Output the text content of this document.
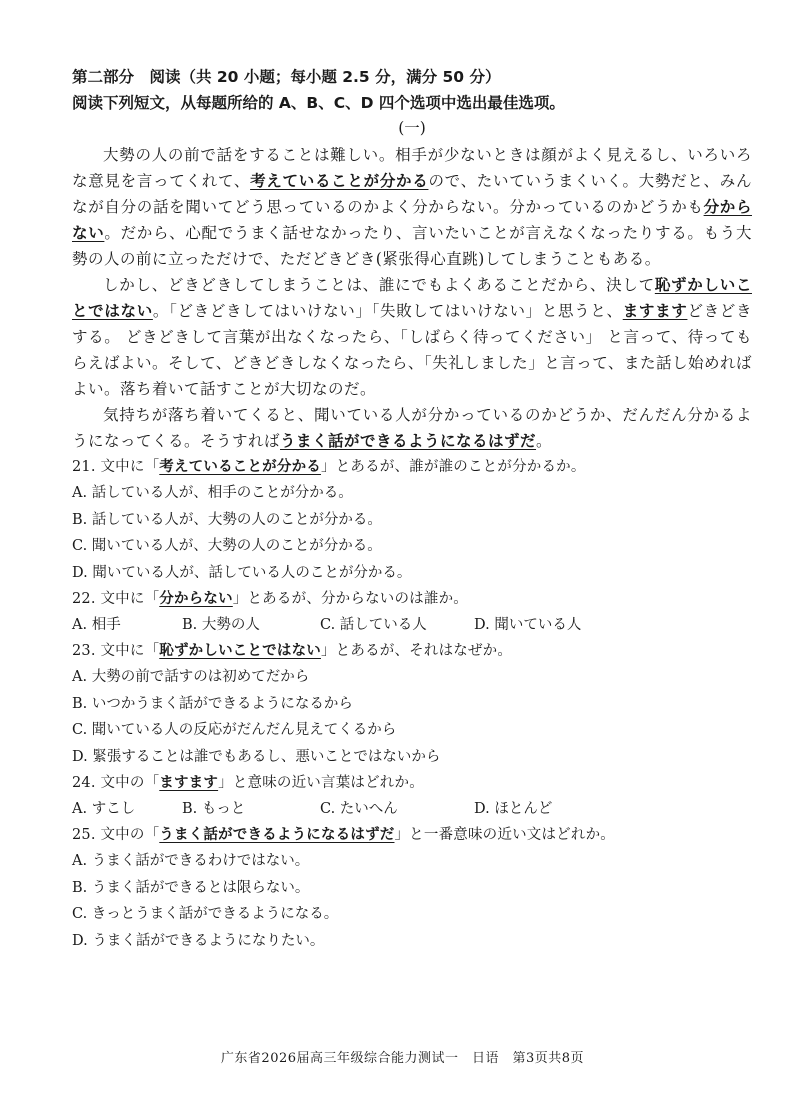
第二部分　阅读（共 20 小题；每小题 2.5 分，满分 50 分）
阅读下列短文，从每题所给的 A、B、C、D 四个选项中选出最佳选项。
(一)

大勢の人の前で話をすることは難しい。相手が少ないときは顔がよく見えるし、いろいろな意見を言ってくれて、考えていることが分かるので、たいていうまくいく。大勢だと、みんなが自分の話を聞いてどう思っているのかよく分からない。分かっているのかどうかも分からない。だから、心配でうまく話せなかったり、言いたいことが言えなくなったりする。もう大勢の人の前に立っただけで、ただどきどき(紧张得心直跳)してしまうこともある。

しかし、どきどきしてしまうことは、誰にでもよくあることだから、決して恥ずかしいことではない。「どきどきしてはいけない」「失敗してはいけない」と思うと、ますますどきどきする。 どきどきして言葉が出なくなったら、「しばらく待ってください」 と言って、待ってもらえばよい。そして、どきどきしなくなったら、「失礼しました」と言って、また話し始めればよい。落ち着いて話すことが大切なのだ。

気持ちが落ち着いてくると、聞いている人が分かっているのかどうか、だんだん分かるようになってくる。そうすればうまく話ができるようになるはずだ。

21. 文中に「考えていることが分かる」とあるが、誰が誰のことが分かるか。
A. 話している人が、相手のことが分かる。
B. 話している人が、大勢の人のことが分かる。
C. 聞いている人が、大勢の人のことが分かる。
D. 聞いている人が、話している人のことが分かる。
22. 文中に「分からない」とあるが、分からないのは誰か。
A. 相手	B. 大勢の人	C. 話している人	D. 聞いている人
23. 文中に「恥ずかしいことではない」とあるが、それはなぜか。
A. 大勢の前で話すのは初めてだから
B. いつかうまく話ができるようになるから
C. 聞いている人の反応がだんだん見えてくるから
D. 緊張することは誰でもあるし、悪いことではないから
24. 文中の「ますます」と意味の近い言葉はどれか。
A. すこし	B. もっと	C. たいへん	D. ほとんど
25. 文中の「うまく話ができるようになるはずだ」と一番意味の近い文はどれか。
A. うまく話ができるわけではない。
B. うまく話ができるとは限らない。
C. きっとうまく話ができるようになる。
D. うまく話ができるようになりたい。
广东省2026届高三年级综合能力测试一　日语　第3页共8页
